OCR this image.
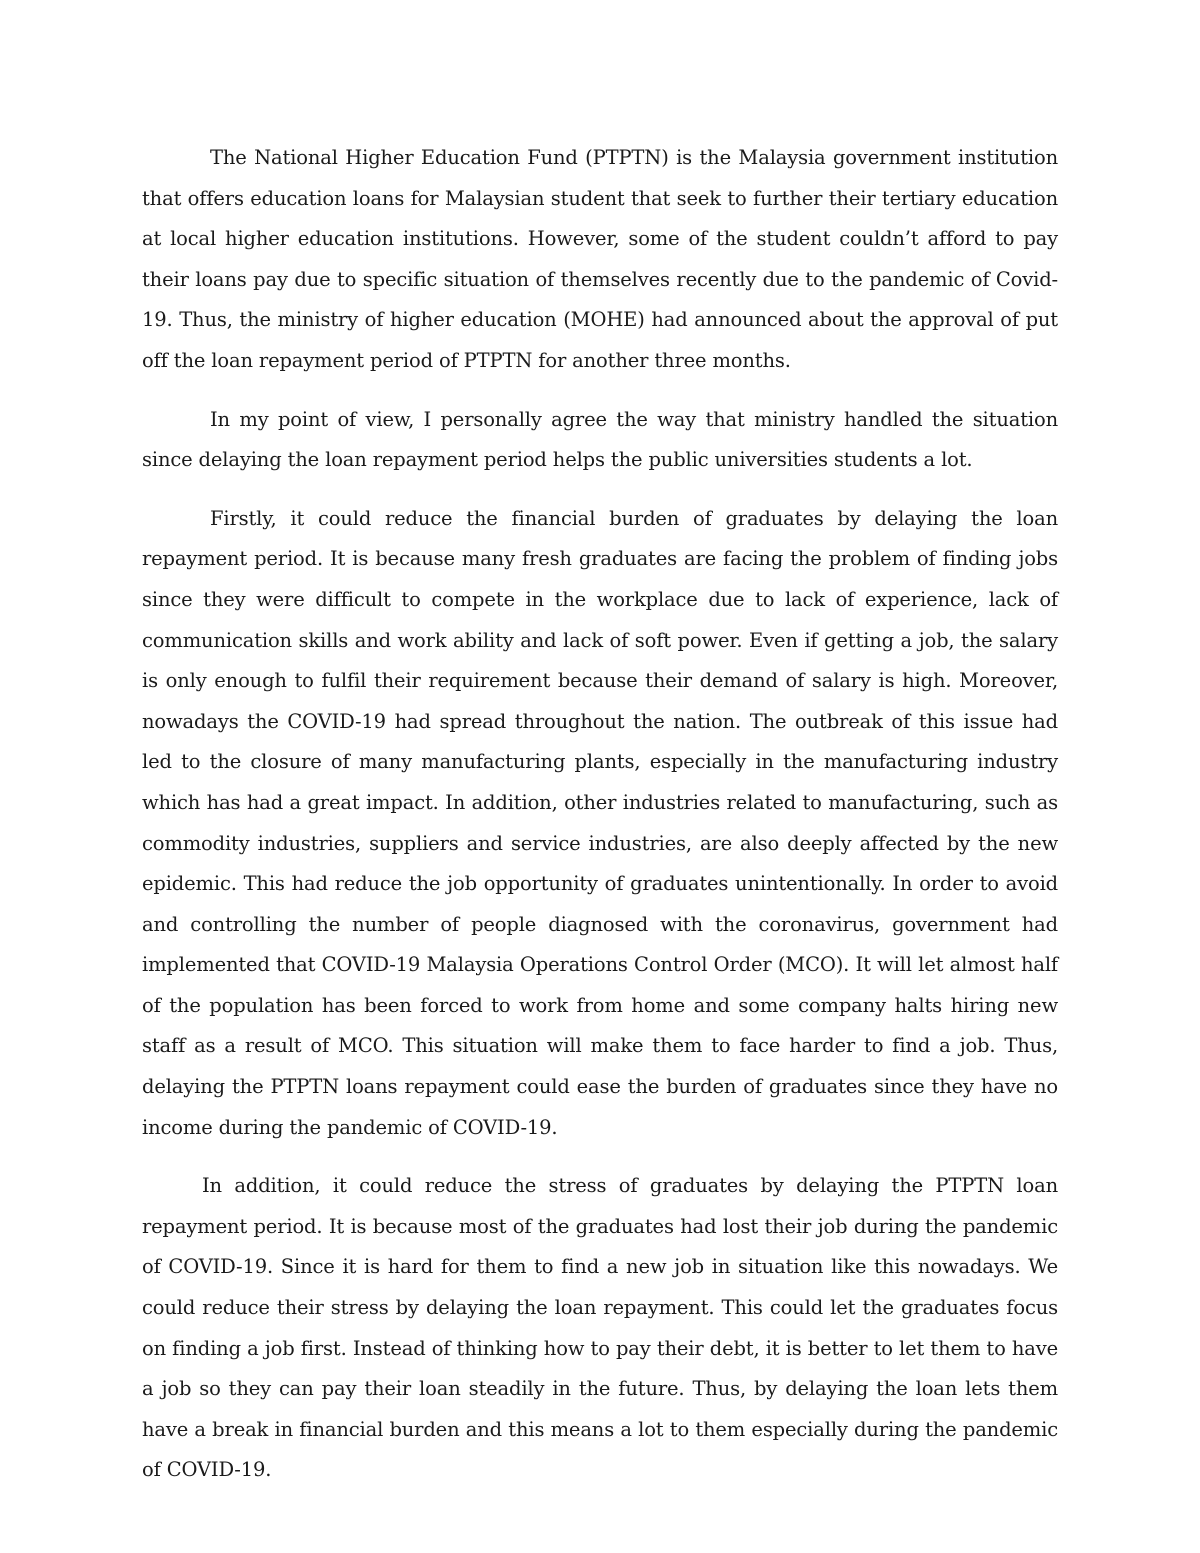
The National Higher Education Fund (PTPTN) is the Malaysia government institution that offers education loans for Malaysian student that seek to further their tertiary education at local higher education institutions. However, some of the student couldn’t afford to pay their loans pay due to specific situation of themselves recently due to the pandemic of Covid-19. Thus, the ministry of higher education (MOHE) had announced about the approval of put off the loan repayment period of PTPTN for another three months.

In my point of view, I personally agree the way that ministry handled the situation since delaying the loan repayment period helps the public universities students a lot.

Firstly, it could reduce the financial burden of graduates by delaying the loan repayment period. It is because many fresh graduates are facing the problem of finding jobs since they were difficult to compete in the workplace due to lack of experience, lack of communication skills and work ability and lack of soft power. Even if getting a job, the salary is only enough to fulfil their requirement because their demand of salary is high. Moreover, nowadays the COVID-19 had spread throughout the nation. The outbreak of this issue had led to the closure of many manufacturing plants, especially in the manufacturing industry which has had a great impact. In addition, other industries related to manufacturing, such as commodity industries, suppliers and service industries, are also deeply affected by the new epidemic. This had reduce the job opportunity of graduates unintentionally. In order to avoid and controlling the number of people diagnosed with the coronavirus, government had implemented that COVID-19 Malaysia Operations Control Order (MCO). It will let almost half of the population has been forced to work from home and some company halts hiring new staff as a result of MCO. This situation will make them to face harder to find a job. Thus, delaying the PTPTN loans repayment could ease the burden of graduates since they have no income during the pandemic of COVID-19.

In addition, it could reduce the stress of graduates by delaying the PTPTN loan repayment period. It is because most of the graduates had lost their job during the pandemic of COVID-19. Since it is hard for them to find a new job in situation like this nowadays. We could reduce their stress by delaying the loan repayment. This could let the graduates focus on finding a job first. Instead of thinking how to pay their debt, it is better to let them to have a job so they can pay their loan steadily in the future. Thus, by delaying the loan lets them have a break in financial burden and this means a lot to them especially during the pandemic of COVID-19.
